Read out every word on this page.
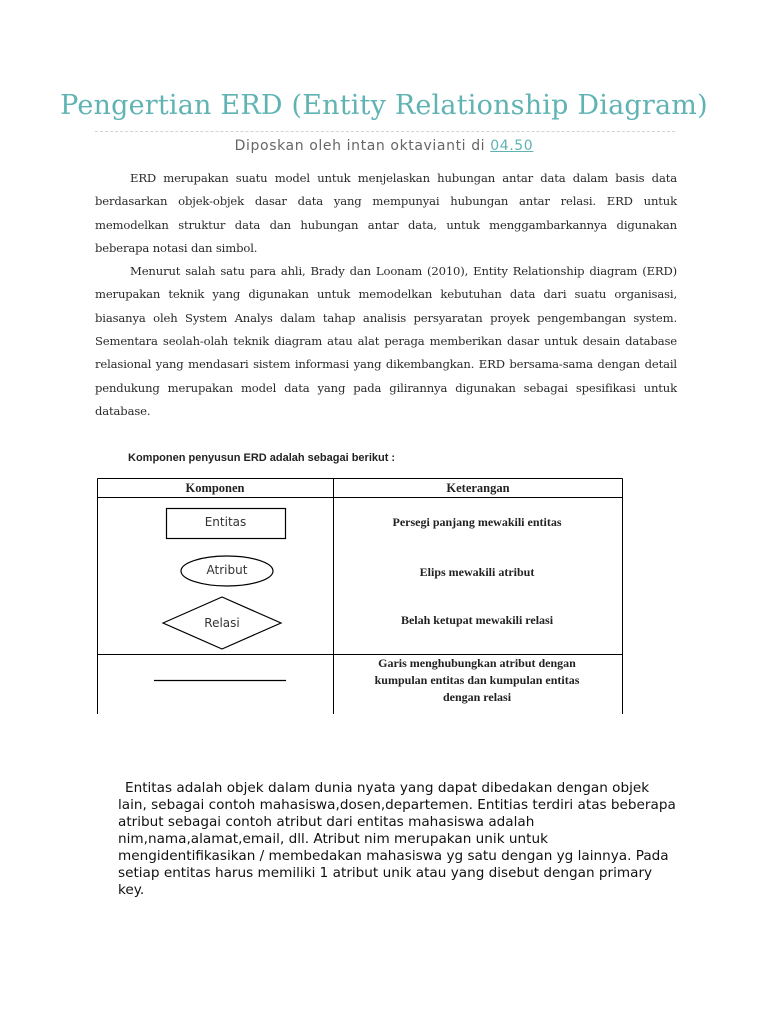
Pengertian ERD (Entity Relationship Diagram)
Diposkan oleh intan oktavianti di 04.50

ERD merupakan suatu model untuk menjelaskan hubungan antar data dalam basis data berdasarkan objek-objek dasar data yang mempunyai hubungan antar relasi. ERD untuk memodelkan struktur data dan hubungan antar data, untuk menggambarkannya digunakan beberapa notasi dan simbol.

Menurut salah satu para ahli, Brady dan Loonam (2010), Entity Relationship diagram (ERD) merupakan teknik yang digunakan untuk memodelkan kebutuhan data dari suatu organisasi, biasanya oleh System Analys dalam tahap analisis persyaratan proyek pengembangan system. Sementara seolah-olah teknik diagram atau alat peraga memberikan dasar untuk desain database relasional yang mendasari sistem informasi yang dikembangkan. ERD bersama-sama dengan detail pendukung merupakan model data yang pada gilirannya digunakan sebagai spesifikasi untuk database.

Komponen penyusun ERD adalah sebagai berikut :
Komponen	Keterangan
Entitas
Atribut
Relasi
Persegi panjang mewakili entitas
Elips mewakili atribut
Belah ketupat mewakili relasi
Garis menghubungkan atribut dengan
kumpulan entitas dan kumpulan entitas
dengan relasi
Entitas adalah objek dalam dunia nyata yang dapat dibedakan dengan objek lain, sebagai contoh mahasiswa,dosen,departemen. Entitias terdiri atas beberapa atribut sebagai contoh atribut dari entitas mahasiswa adalah nim,nama,alamat,email, dll. Atribut nim merupakan unik untuk mengidentifikasikan / membedakan mahasiswa yg satu dengan yg lainnya. Pada setiap entitas harus memiliki 1 atribut unik atau yang disebut dengan primary key.
